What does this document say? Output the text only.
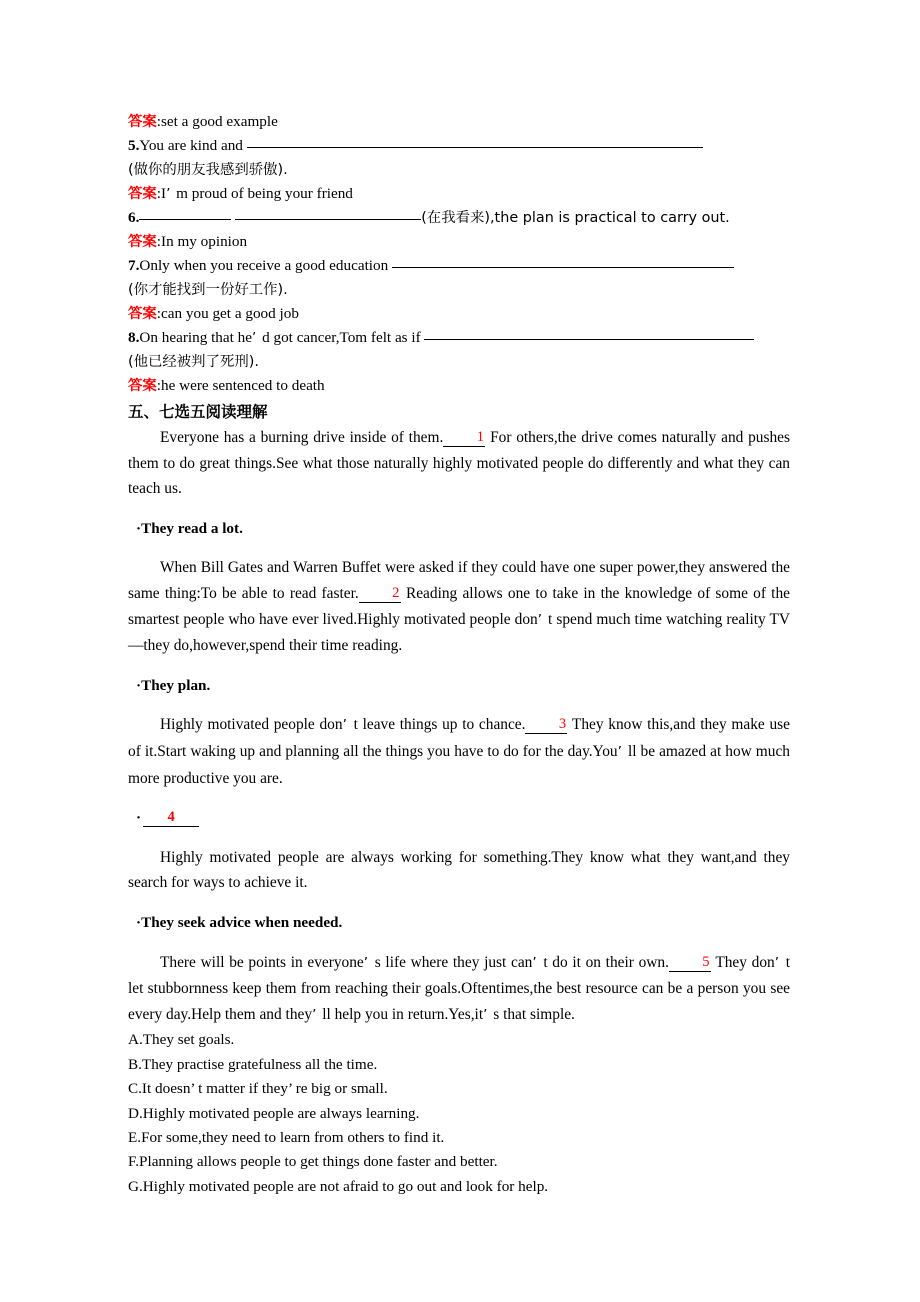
答案:set a good example
5.You are kind and
(做你的朋友我感到骄傲).
答案:I’ m proud of being your friend
6.	(在我看来),the plan is practical to carry out.
答案:In my opinion
7.Only when you receive a good education
(你才能找到一份好工作).
答案:can you get a good job
8.On hearing that he’ d got cancer,Tom felt as if
(他已经被判了死刑).
答案:he were sentenced to death
五、七选五阅读理解

Everyone has a burning drive inside of them. 1 For others,the drive comes naturally and pushes them to do great things.See what those naturally highly motivated people do differently and what they can teach us.

·They read a lot.

When Bill Gates and Warren Buffet were asked if they could have one super power,they answered the same thing:To be able to read faster. 2 Reading allows one to take in the knowledge of some of the smartest people who have ever lived.Highly motivated people don’ t spend much time watching reality TV—they do,however,spend their time reading.

·They plan.

Highly motivated people don’ t leave things up to chance. 3 They know this,and they make use of it.Start waking up and planning all the things you have to do for the day.You’ ll be amazed at how much more productive you are.

· 4

Highly motivated people are always working for something.They know what they want,and they search for ways to achieve it.

·They seek advice when needed.

There will be points in everyone’ s life where they just can’ t do it on their own. 5 They don’ t let stubbornness keep them from reaching their goals.Oftentimes,the best resource can be a person you see every day.Help them and they’ ll help you in return.Yes,it’ s that simple.

A.They set goals.

B.They practise gratefulness all the time.

C.It doesn’ t matter if they’ re big or small.

D.Highly motivated people are always learning.

E.For some,they need to learn from others to find it.

F.Planning allows people to get things done faster and better.

G.Highly motivated people are not afraid to go out and look for help.
